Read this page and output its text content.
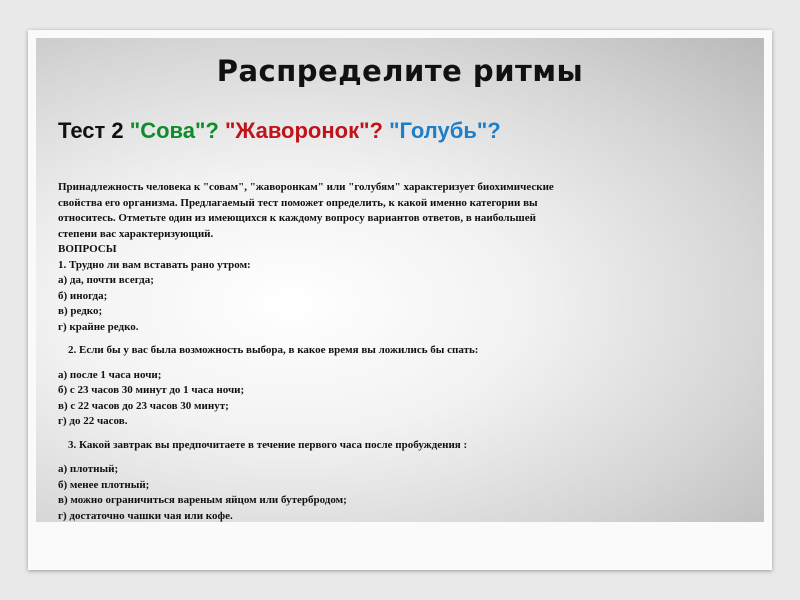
Распределите ритмы
Тест 2 "Сова"? "Жаворонок"? "Голубь"?
Принадлежность человека к "совам", "жаворонкам" или "голубям" характеризует биохимические
свойства его организма. Предлагаемый тест поможет определить, к какой именно категории вы
относитесь. Отметьте один из имеющихся к каждому вопросу вариантов ответов, в наибольшей
степени вас характеризующий.
ВОПРОСЫ
1. Трудно ли вам вставать рано утром:
а) да, почти всегда;
б) иногда;
в) редко;
г) крайне редко.
2. Если бы у вас была возможность выбора, в какое время вы ложились бы спать:
а) после 1 часа ночи;
б) с 23 часов 30 минут до 1 часа ночи;
в) с 22 часов до 23 часов 30 минут;
г) до 22 часов.
3. Какой завтрак вы предпочитаете в течение первого часа после пробуждения :
а) плотный;
б) менее плотный;
в) можно ограничиться вареным яйцом или бутербродом;
г) достаточно чашки чая или кофе.
